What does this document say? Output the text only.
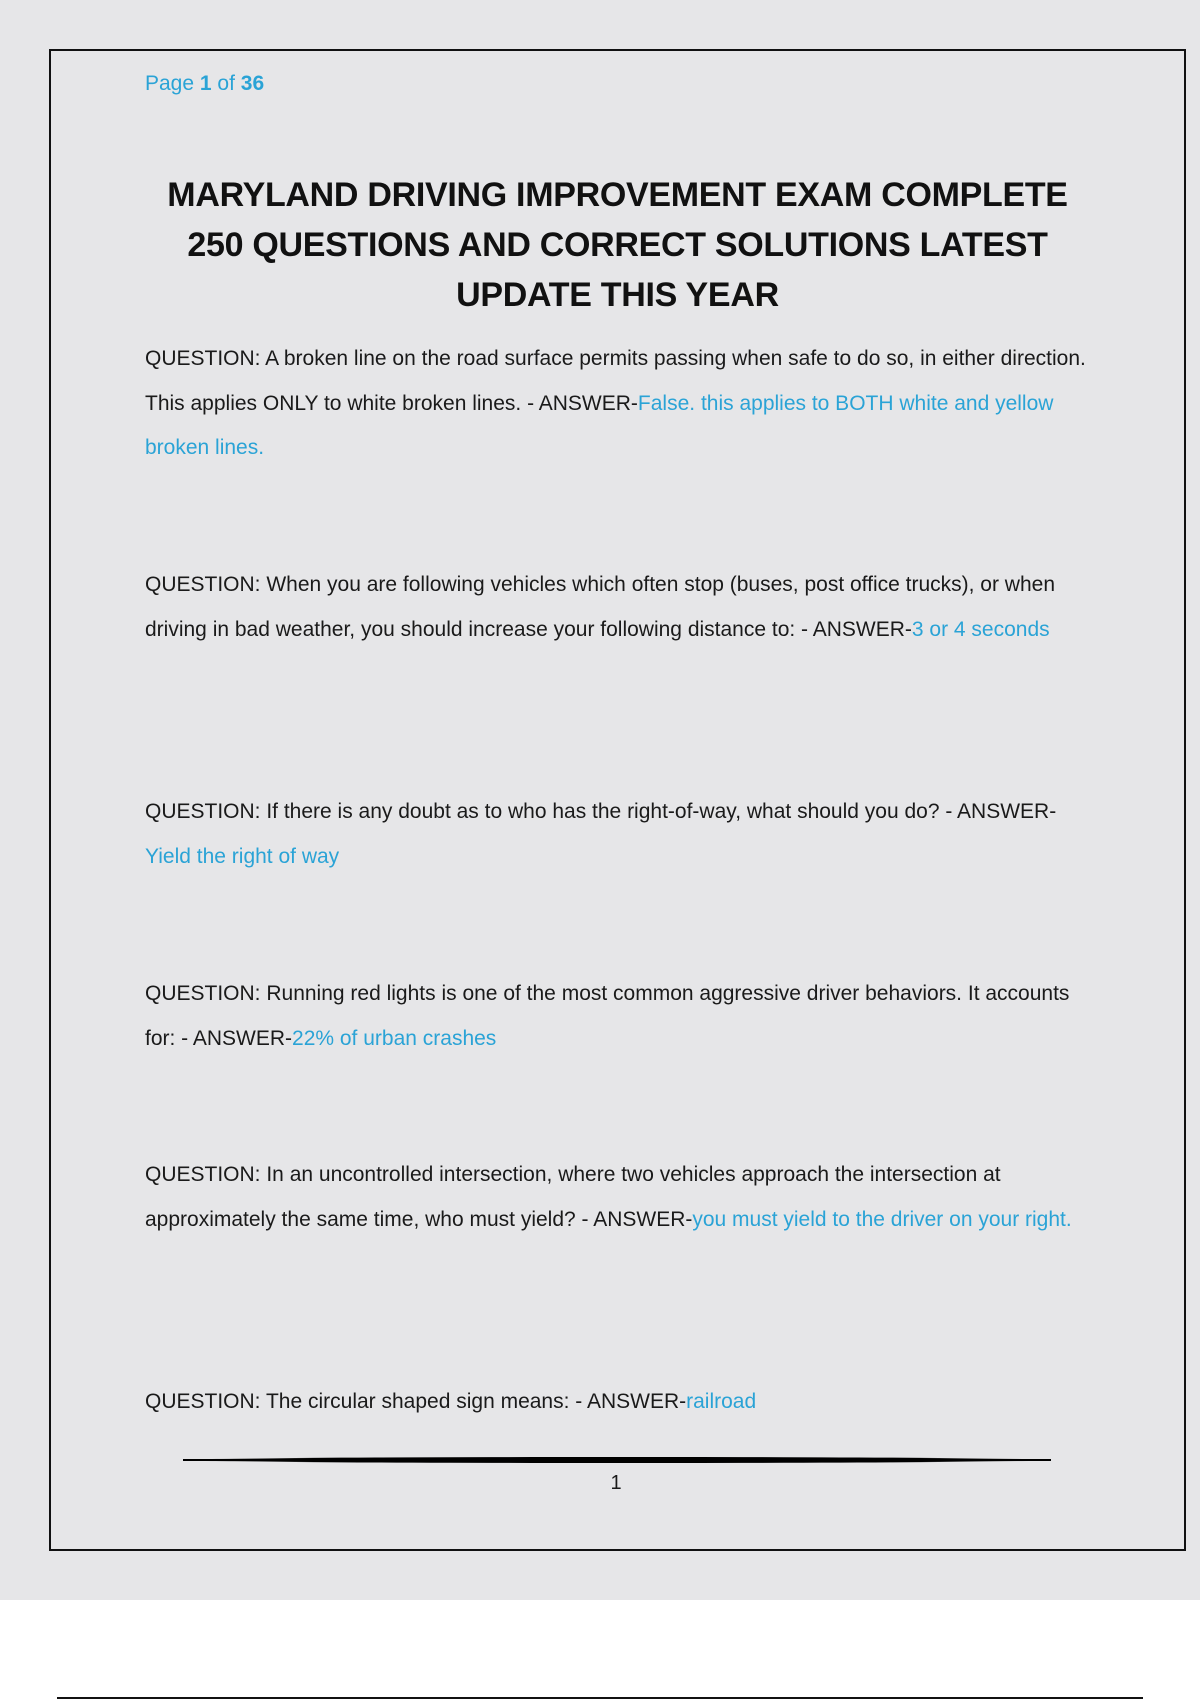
Page 1 of 36

MARYLAND DRIVING IMPROVEMENT EXAM COMPLETE 250 QUESTIONS AND CORRECT SOLUTIONS LATEST UPDATE THIS YEAR

QUESTION: A broken line on the road surface permits passing when safe to do so, in either direction. This applies ONLY to white broken lines. - ANSWER-False. this applies to BOTH white and yellow broken lines.

QUESTION: When you are following vehicles which often stop (buses, post office trucks), or when driving in bad weather, you should increase your following distance to: - ANSWER-3 or 4 seconds

QUESTION: If there is any doubt as to who has the right-of-way, what should you do? - ANSWER-Yield the right of way

QUESTION: Running red lights is one of the most common aggressive driver behaviors. It accounts for: - ANSWER-22% of urban crashes

QUESTION: In an uncontrolled intersection, where two vehicles approach the intersection at approximately the same time, who must yield? - ANSWER-you must yield to the driver on your right.

QUESTION: The circular shaped sign means: - ANSWER-railroad

1
